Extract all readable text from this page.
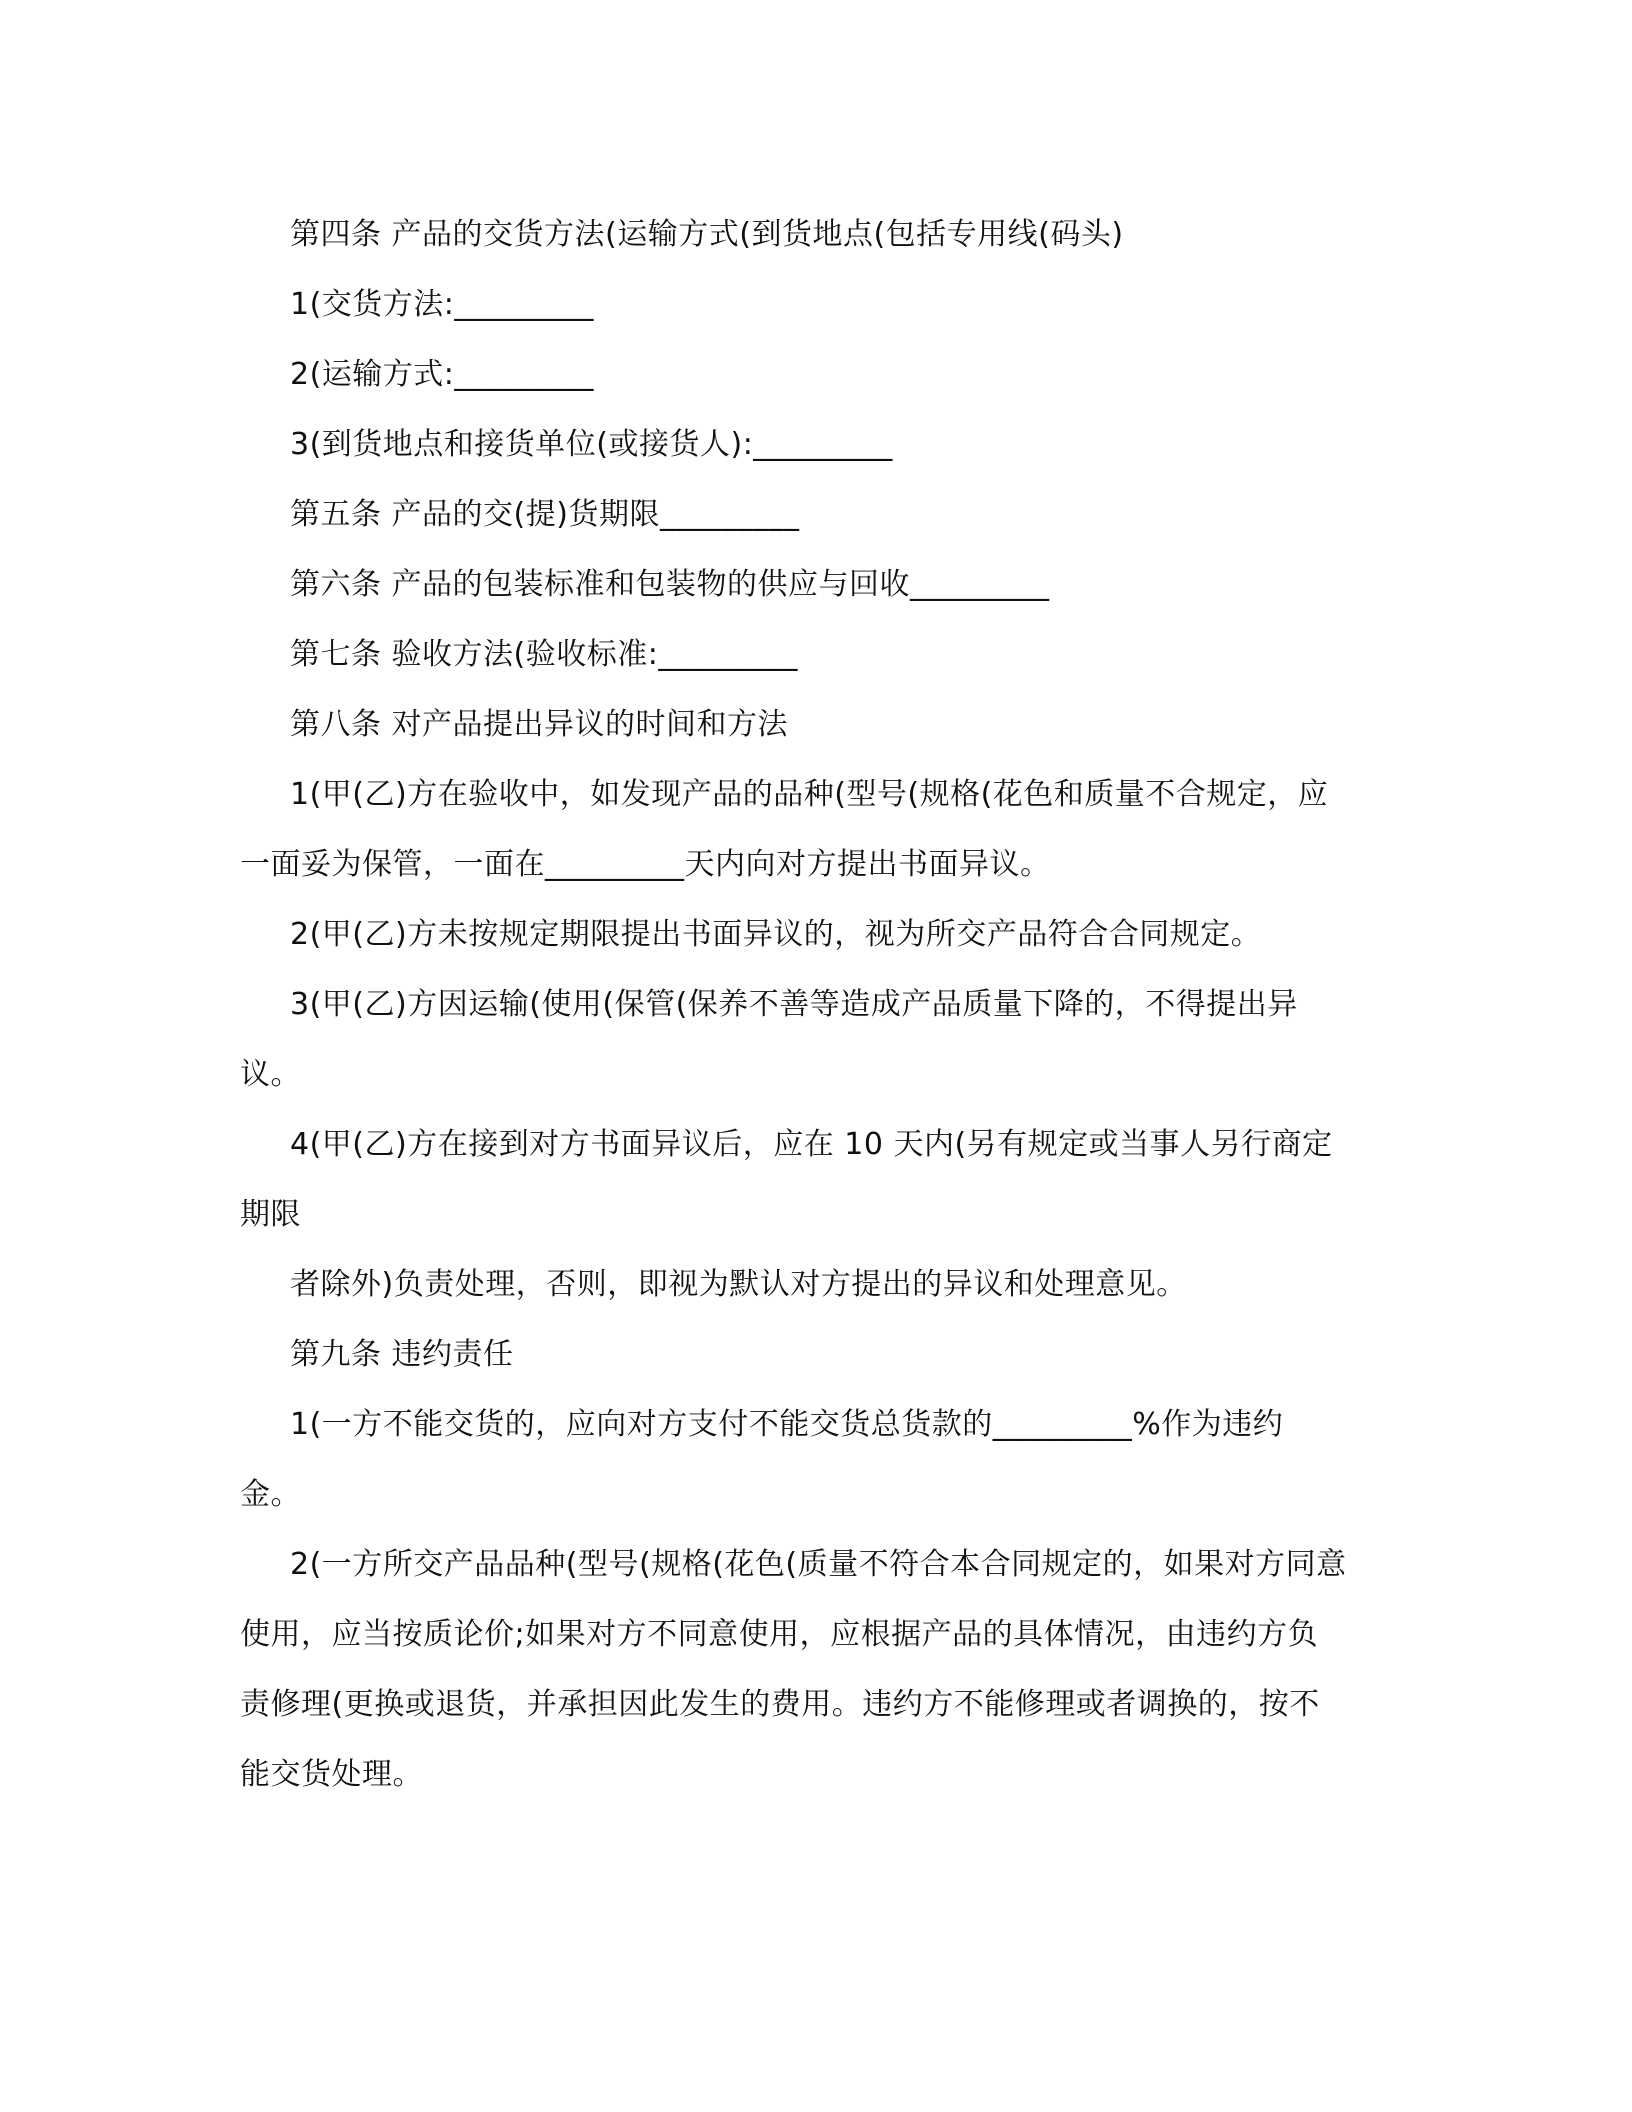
第四条 产品的交货方法(运输方式(到货地点(包括专用线(码头)
1(交货方法:_________
2(运输方式:_________
3(到货地点和接货单位(或接货人):_________
第五条 产品的交(提)货期限_________
第六条 产品的包装标准和包装物的供应与回收_________
第七条 验收方法(验收标准:_________
第八条 对产品提出异议的时间和方法
1(甲(乙)方在验收中，如发现产品的品种(型号(规格(花色和质量不合规定，应
一面妥为保管，一面在_________天内向对方提出书面异议。
2(甲(乙)方未按规定期限提出书面异议的，视为所交产品符合合同规定。
3(甲(乙)方因运输(使用(保管(保养不善等造成产品质量下降的，不得提出异
议。
4(甲(乙)方在接到对方书面异议后，应在 10 天内(另有规定或当事人另行商定
期限
者除外)负责处理，否则，即视为默认对方提出的异议和处理意见。
第九条 违约责任
1(一方不能交货的，应向对方支付不能交货总货款的_________%作为违约
金。
2(一方所交产品品种(型号(规格(花色(质量不符合本合同规定的，如果对方同意
使用，应当按质论价;如果对方不同意使用，应根据产品的具体情况，由违约方负
责修理(更换或退货，并承担因此发生的费用。违约方不能修理或者调换的，按不
能交货处理。
